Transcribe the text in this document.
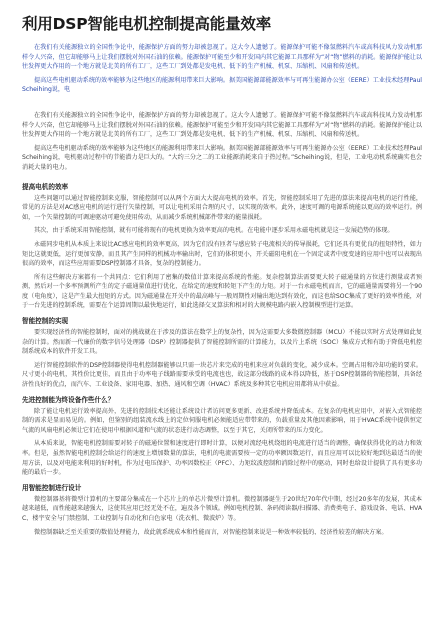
利用DSP智能电机控制提高能量效率

在我们有关能源独立的全国性争论中，能源保护方面的努力却被忽视了。这大令人遗憾了。能源保护可能不像氢燃料汽车或高科技风力发动机那样令人兴奋，但它却能够马上让我们摆脱对外国石油的依赖。能源保护可能至少和开发国内其它能源工具那样为“对“物”燃料的消耗。能源保护能让以往发挥更大作用的一个地方就是北美的所有工厂，这些工厂到处都是发电机、低下的生产机械、机泵、压缩机、风扇和传送机。

提高这些电机驱动系统的效率能够为这些地区的能源利用带来巨大影响。据美国能源部能源效率与可再生能源办公室（EERE）工业技术经理Paul Scheihing说，电

在我们有关能源独立的全国性争论中，能源保护方面的努力却被忽视了。这大令人遗憾了。能源保护可能不像氢燃料汽车或高科技风力发动机那样令人兴奋，但它却能够马上让我们摆脱对外国石油的依赖。能源保护可能至少和开发国内其它能源工具那样为“对“物”燃料的消耗。能源保护能让以往发挥更大作用的一个地方就是北美的所有工厂，这些工厂到处都是发电机、低下的生产机械、机泵、压缩机、风扇和传送机。

提高这些电机驱动系统的效率能够为这些地区的能源利用带来巨大影响。据美国能源部能源效率与可再生能源办公室（EERE）工业技术经理Paul Scheihing说，电机驱动过程中的节能潜力是巨大的。“大约三分之二的工业能源消耗来自于热过程。”Scheihing说，但是，工业电动机系统确实也会消耗大量的电力。

提高电机的效率

这些问题可以通过智能控制来克服，智能控制可以从两个方面大大提高电机的效率。首先，智能控制采用了先进的算法来提高电机的运行性能，常见的方法是对AC感应电机的运行进行矢量控制，可以让电机采用合理的尺寸，以实现的效率。此外，速度可调的电源系统能以更高的效率运行。例如，一个矢量控制的可调速驱动可避免使用传动，从而减少系统机械部件带来的能量损耗。

其次，由于系统采用智能控制，就有可能将现有的电机更换为效率更高的电机。在电能中逐步采用永磁电机就是这一发展趋势的体现。

永磁同步电机从本质上来说比AC感应电机的效率更高，因为它们没有匝者与感应转子电流相关的传导损耗，它们还具有更优良的扭矩特性，如力矩比这就更低，运行更加安静，而且其产生同样的机械功率输出时，它们的体积更小，开关磁阻电机在一个固定或者中度变速的应用中也可以表现出很高的效率，而这些应用需要DSP控制器才具备，复杂的控制能力。

所有这些解决方案都有一个共同点：它们利用了密集的数值计算来提高系统的性能。复杂控制算法需要更大转子磁通量的方位进行测量或者预测，然后对一个多率预测所产生的定子磁通量值进行优化，在给定的速度和转矩下产生的力矩。对于一台永磁电机而言，它的磁通量需要将另一个90度（电角度），这是产生最大扭矩的方式。因为磁通量在开关中的最高峰与一般周期性对输出地达到有效化，而这也给SOC集成了更好的效率性能，对于一台先进的控制系统，需要在个运算周期以最快地运行，如此选择交叉算法和相对的大规模电路内嵌入控制模型进行运算。

智能控制的实现

要实现经济性的智能控制时，面对的挑战就在于涉及的算法在数学上的复杂性，因为这需要大多数微控制器（MCU）不能以实时方式处理如此复杂的计算。然而新一代廉价的数字信号处理器（DSP）控制器提供了智能控制所需的计算能力，以及片上系统（SOC）集成方式和有助于降低电机控制系统成本的软件开发工具。

运行智能控制软件的DSP控制器使得电机控制器能够以只需一块芯片来完成的电机来应对负载的变化，减少成本。空调占用和冷却功能的要求。尺寸更小的电机，其性价比更佳，而且由于功率电子线路需要承受的电流也也，故这部分线路的成本得以降低，基于DSP控制器的智能控制，具备经济性良好的优点，而汽车、工业设备、家用电器、加热、通风和空调（HVAC）系统及多种其它电机应用都将从中获益。

先进控制能为终设备作些什么？

除了能让电机运行效率提高外，先进的控制技术还能让系统设计者访问更多更新、改进系统并降低成本。在复杂的电机应用中，对嵌入式智能控制的需求是显而易见的。例如，但鉴别的组装流水线上的定位伺服电机必须能适应带带来的，负载重量及其他因素影响，用于HVAC系统中提供恒定气流的风扇电机必须让它们在使用中根据风道和气流的状态进行动态调整，以至于其它，关闭所带来的压力变化。

从本质来说，智能电机控制需要对转子的磁通位置和速度进行即时计算，以便对流经电机绕组的电流进行适当的调整，确保获得优化的动力和效率。但是，虽然智能电机控制会给运行的速度上增加数量的算法，电机的电流需要按一定的功率额因数运行，而且应用可以比较好地到达最适当的使用方法，以及对电能来利用的好时机，作为过电压保护、功率因数校正（PFC）、力矩纹波控制和消除过程中的驱动，同时也给设计提供了具有更多功能的最后一步。

用智能控制进行设计

微控制器基将微型计算机的主要部分集成在一个芯片上的单芯片微型计算机。微控制器诞生于20世纪70年代中期，经过20多年的发展，其成本越来越低，而性能越来越强大，这使其应用已经无处不在，遍及各个领域。例如电机控制、条码阅读器/扫描器、消费类电子、游戏设备、电话、HVAC、楼宇安全与门禁控制、工业控制与自动化和白色家电（洗衣机、微波炉）等。

微控制器缺乏至关重要的数值处理能力，故此就系统成本和性能而言，对智能控制来说是一种效率较低的、经济性较差的解决方案。
